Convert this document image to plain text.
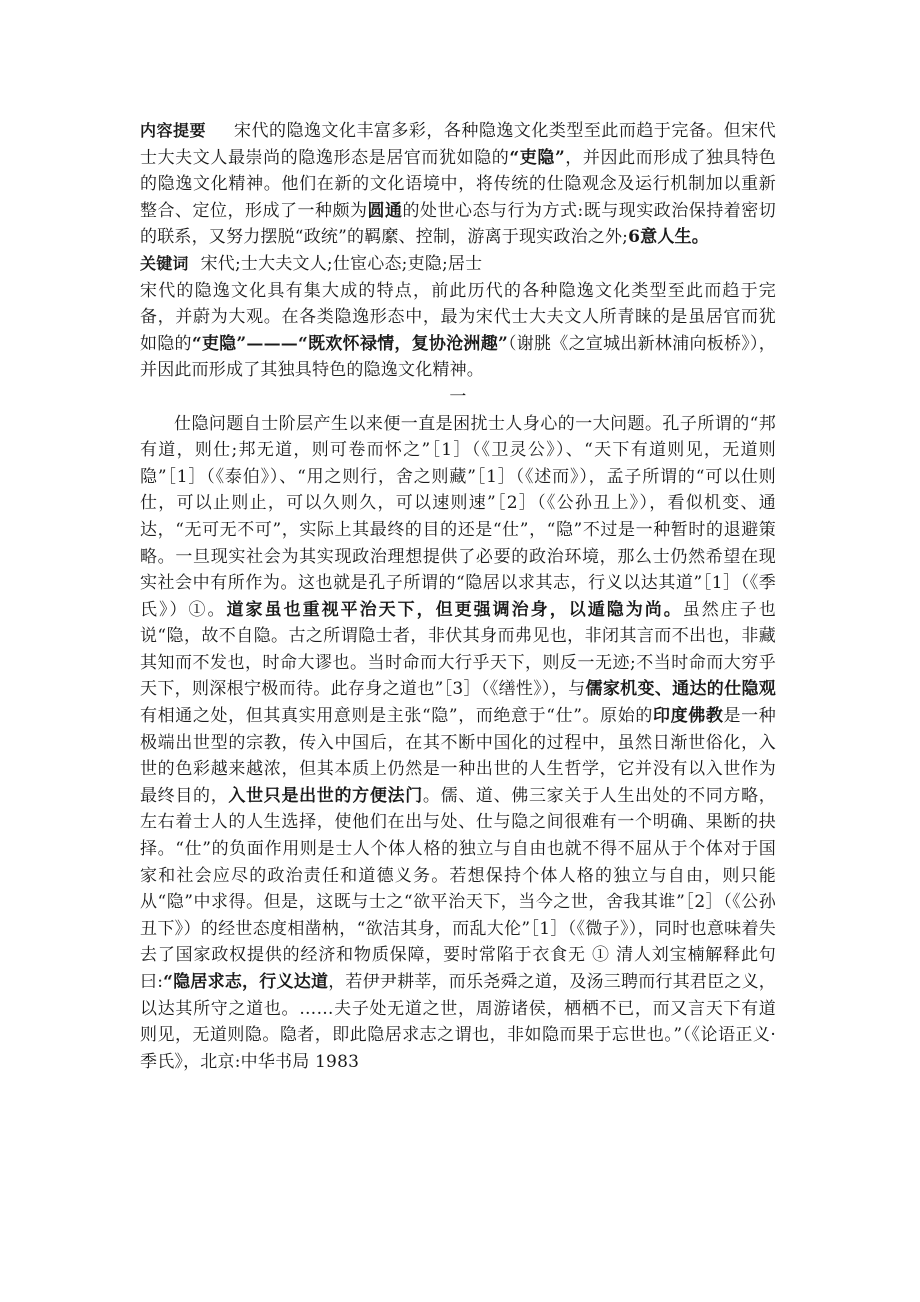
内容提要 宋代的隐逸文化丰富多彩，各种隐逸文化类型至此而趋于完备。但宋代士大夫文人最崇尚的隐逸形态是居官而犹如隐的“吏隐”，并因此而形成了独具特色的隐逸文化精神。他们在新的文化语境中，将传统的仕隐观念及运行机制加以重新整合、定位，形成了一种颇为圆通的处世心态与行为方式:既与现实政治保持着密切的联系，又努力摆脱“政统”的羁縻、控制，游离于现实政治之外;6意人生。

关键词 宋代;士大夫文人;仕宦心态;吏隐;居士

宋代的隐逸文化具有集大成的特点，前此历代的各种隐逸文化类型至此而趋于完备，并蔚为大观。在各类隐逸形态中，最为宋代士大夫文人所青睐的是虽居官而犹如隐的“吏隐”———“既欢怀禄情，复协沧洲趣”（谢朓《之宣城出新林浦向板桥》），并因此而形成了其独具特色的隐逸文化精神。

一

仕隐问题自士阶层产生以来便一直是困扰士人身心的一大问题。孔子所谓的“邦有道，则仕;邦无道，则可卷而怀之”［1］（《卫灵公》）、“天下有道则见，无道则隐”［1］（《泰伯》）、“用之则行，舍之则藏”［1］（《述而》），孟子所谓的“可以仕则仕，可以止则止，可以久则久，可以速则速”［2］（《公孙丑上》），看似机变、通达，“无可无不可”，实际上其最终的目的还是“仕”，“隐”不过是一种暂时的退避策略。一旦现实社会为其实现政治理想提供了必要的政治环境，那么士仍然希望在现实社会中有所作为。这也就是孔子所谓的“隐居以求其志，行义以达其道”［1］（《季氏》）①。道家虽也重视平治天下，但更强调治身，以遁隐为尚。虽然庄子也说“隐，故不自隐。古之所谓隐士者，非伏其身而弗见也，非闭其言而不出也，非藏其知而不发也，时命大谬也。当时命而大行乎天下，则反一无迹;不当时命而大穷乎天下，则深根宁极而待。此存身之道也”［3］（《缮性》），与儒家机变、通达的仕隐观有相通之处，但其真实用意则是主张“隐”，而绝意于“仕”。原始的印度佛教是一种极端出世型的宗教，传入中国后，在其不断中国化的过程中，虽然日渐世俗化，入世的色彩越来越浓，但其本质上仍然是一种出世的人生哲学，它并没有以入世作为最终目的，入世只是出世的方便法门。儒、道、佛三家关于人生出处的不同方略，左右着士人的人生选择，使他们在出与处、仕与隐之间很难有一个明确、果断的抉择。“仕”的负面作用则是士人个体人格的独立与自由也就不得不屈从于个体对于国家和社会应尽的政治责任和道德义务。若想保持个体人格的独立与自由，则只能从“隐”中求得。但是，这既与士之“欲平治天下，当今之世，舍我其谁”［2］（《公孙丑下》）的经世态度相凿枘，“欲洁其身，而乱大伦”［1］（《微子》），同时也意味着失去了国家政权提供的经济和物质保障，要时常陷于衣食无 ① 清人刘宝楠解释此句曰:“隐居求志，行义达道，若伊尹耕莘，而乐尧舜之道，及汤三聘而行其君臣之义，以达其所守之道也。……夫子处无道之世，周游诸侯，栖栖不已，而又言天下有道则见，无道则隐。隐者，即此隐居求志之谓也，非如隐而果于忘世也。”（《论语正义·季氏》，北京:中华书局 1983
